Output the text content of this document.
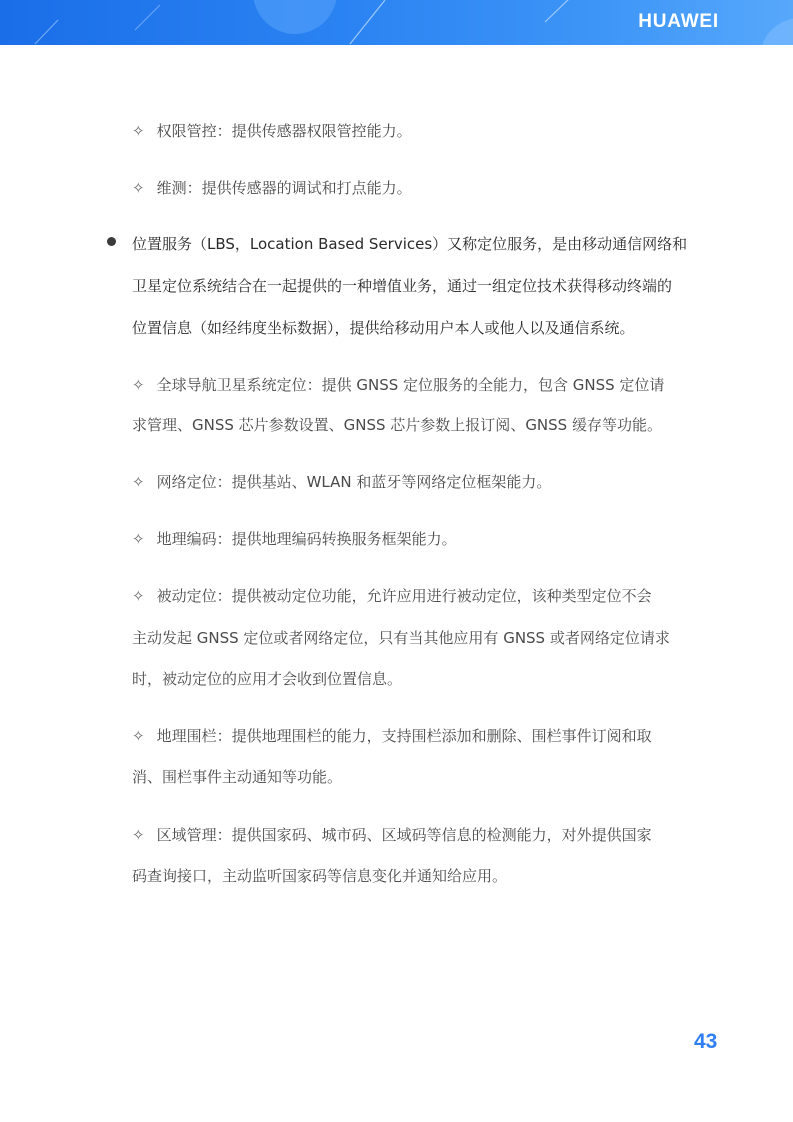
HUAWEI
✧ 权限管控：提供传感器权限管控能力。
✧ 维测：提供传感器的调试和打点能力。
位置服务（LBS，Location Based Services）又称定位服务，是由移动通信网络和
卫星定位系统结合在一起提供的一种增值业务，通过一组定位技术获得移动终端的
位置信息（如经纬度坐标数据），提供给移动用户本人或他人以及通信系统。
✧ 全球导航卫星系统定位：提供 GNSS 定位服务的全能力，包含 GNSS 定位请
求管理、GNSS 芯片参数设置、GNSS 芯片参数上报订阅、GNSS 缓存等功能。
✧ 网络定位：提供基站、WLAN 和蓝牙等网络定位框架能力。
✧ 地理编码：提供地理编码转换服务框架能力。
✧ 被动定位：提供被动定位功能，允许应用进行被动定位，该种类型定位不会
主动发起 GNSS 定位或者网络定位，只有当其他应用有 GNSS 或者网络定位请求
时，被动定位的应用才会收到位置信息。
✧ 地理围栏：提供地理围栏的能力，支持围栏添加和删除、围栏事件订阅和取
消、围栏事件主动通知等功能。
✧ 区域管理：提供国家码、城市码、区域码等信息的检测能力，对外提供国家
码查询接口，主动监听国家码等信息变化并通知给应用。
43
